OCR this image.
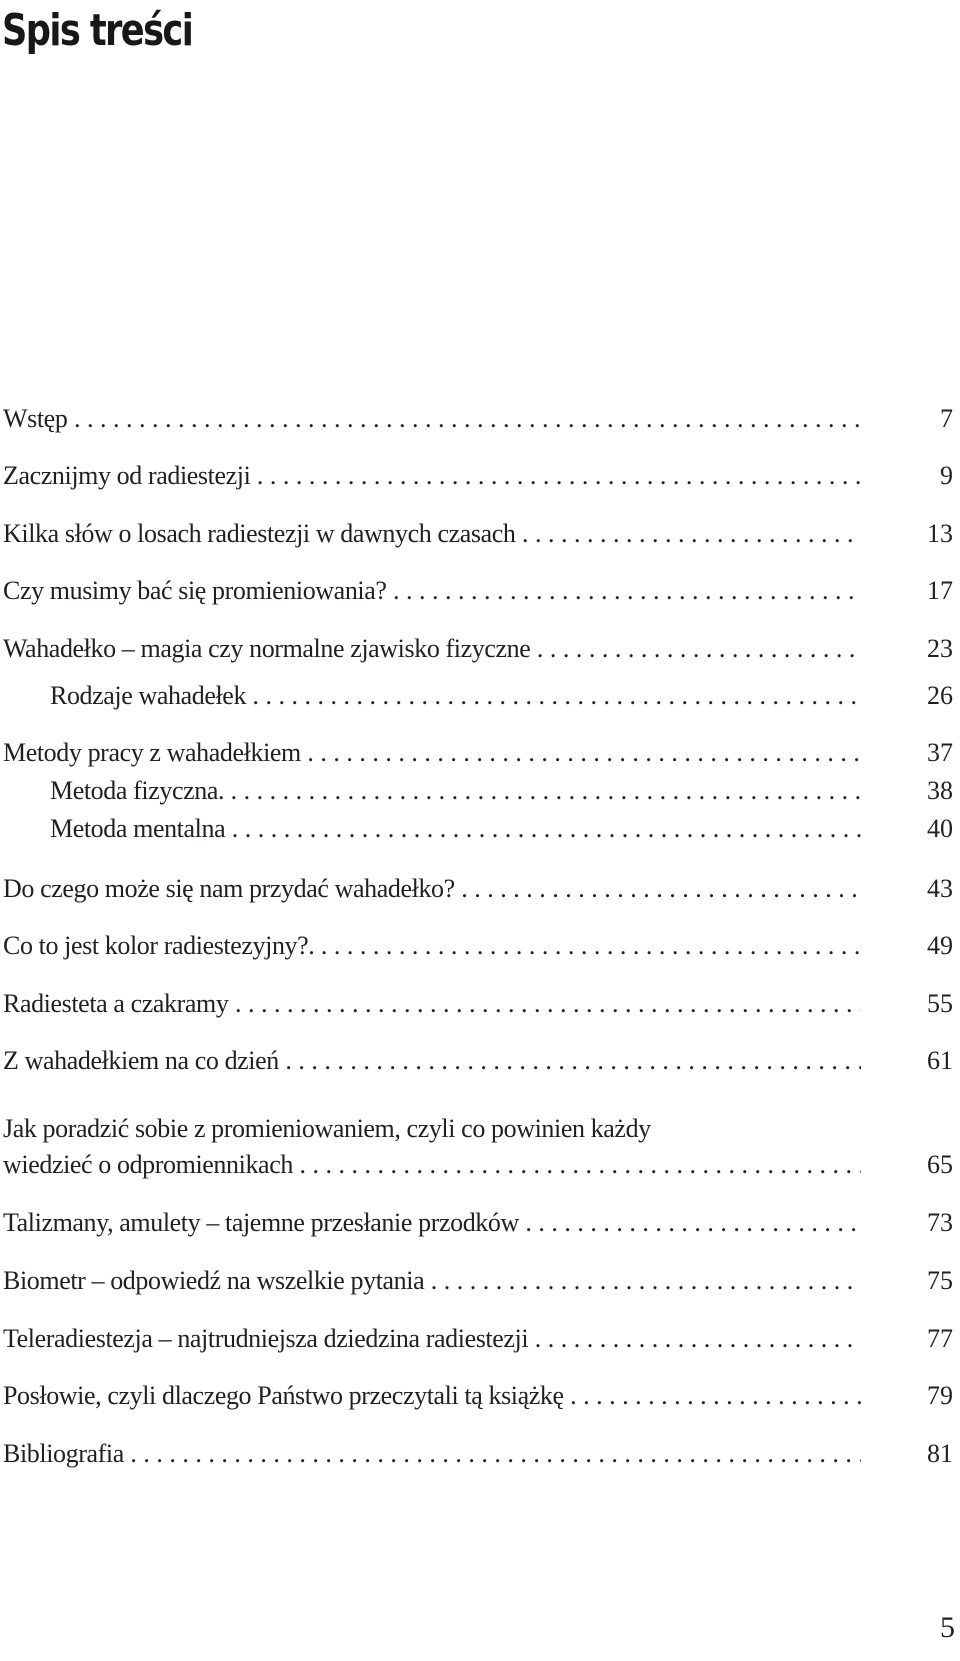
Spis treści
Wstęp . . .	7
Zacznijmy od radiestezji . . .	9
Kilka słów o losach radiestezji w dawnych czasach . . .	13
Czy musimy bać się promieniowania? . . .	17
Wahadełko – magia czy normalne zjawisko fizyczne . . .	23
Rodzaje wahadełek . . .	26
Metody pracy z wahadełkiem . . .	37
Metoda fizyczna. . . .	38
Metoda mentalna . . .	40
Do czego może się nam przydać wahadełko? . . .	43
Co to jest kolor radiestezyjny?. . . .	49
Radiesteta a czakramy . . .	55
Z wahadełkiem na co dzień . . .	61
Jak poradzić sobie z promieniowaniem, czyli co powinien każdy
wiedzieć o odpromiennikach . . .	65
Talizmany, amulety – tajemne przesłanie przodków . . .	73
Biometr – odpowiedź na wszelkie pytania . . .	75
Teleradiestezja – najtrudniejsza dziedzina radiestezji . . .	77
Posłowie, czyli dlaczego Państwo przeczytali tą książkę . . .	79
Bibliografia . . .	81
5
